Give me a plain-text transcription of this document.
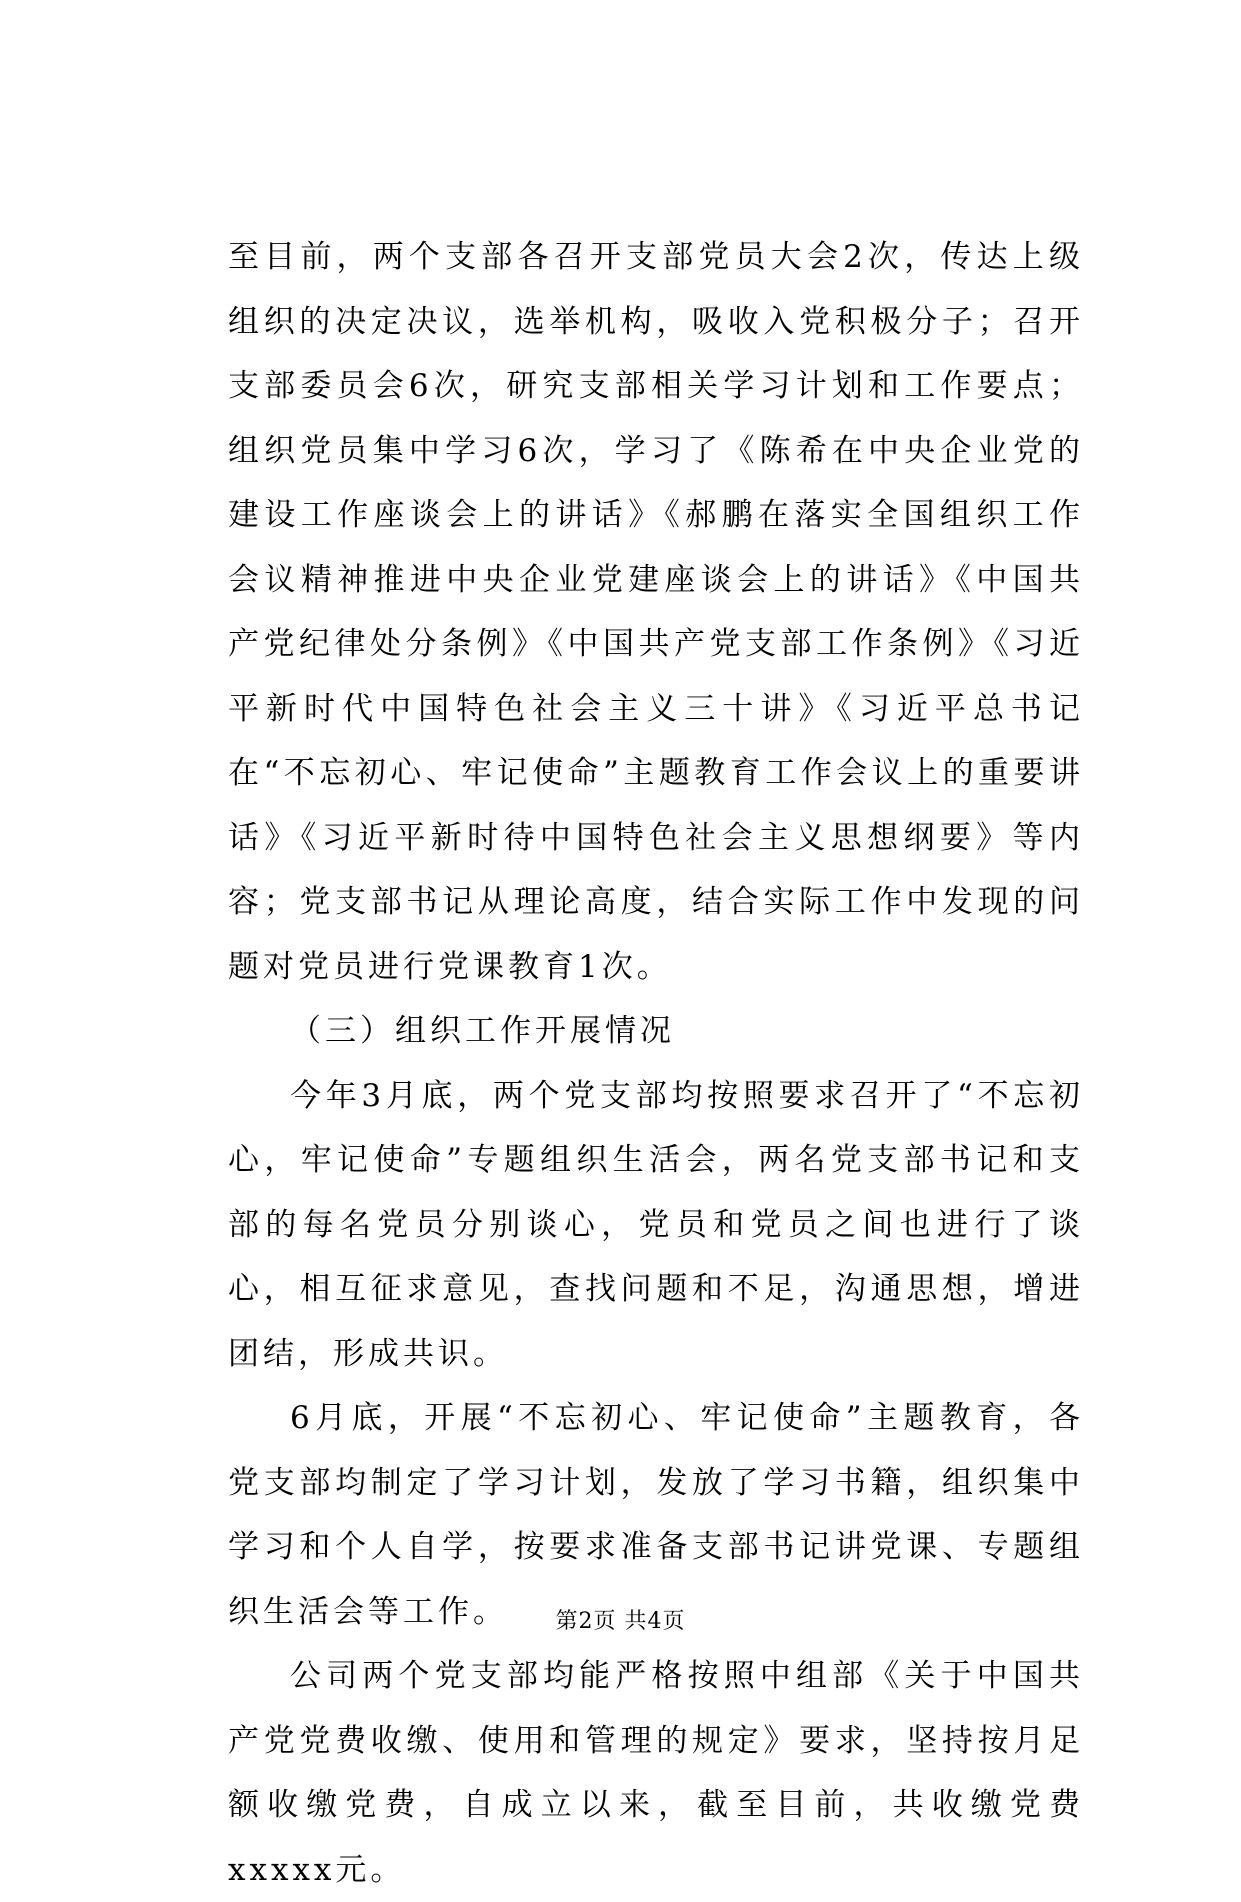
至目前，两个支部各召开支部党员大会2次，传达上级组织的决定决议，选举机构，吸收入党积极分子；召开支部委员会6次，研究支部相关学习计划和工作要点；组织党员集中学习6次，学习了《陈希在中央企业党的建设工作座谈会上的讲话》《郝鹏在落实全国组织工作会议精神推进中央企业党建座谈会上的讲话》《中国共产党纪律处分条例》《中国共产党支部工作条例》《习近平新时代中国特色社会主义三十讲》《习近平总书记在“不忘初心、牢记使命”主题教育工作会议上的重要讲话》《习近平新时待中国特色社会主义思想纲要》等内容；党支部书记从理论高度，结合实际工作中发现的问题对党员进行党课教育1次。

（三）组织工作开展情况

今年3月底，两个党支部均按照要求召开了“不忘初心，牢记使命”专题组织生活会，两名党支部书记和支部的每名党员分别谈心，党员和党员之间也进行了谈心，相互征求意见，查找问题和不足，沟通思想，增进团结，形成共识。

6月底，开展“不忘初心、牢记使命”主题教育，各党支部均制定了学习计划，发放了学习书籍，组织集中学习和个人自学，按要求准备支部书记讲党课、专题组织生活会等工作。

公司两个党支部均能严格按照中组部《关于中国共产党党费收缴、使用和管理的规定》要求，坚持按月足额收缴党费，自成立以来，截至目前，共收缴党费xxxxx元。

第2页 共4页
